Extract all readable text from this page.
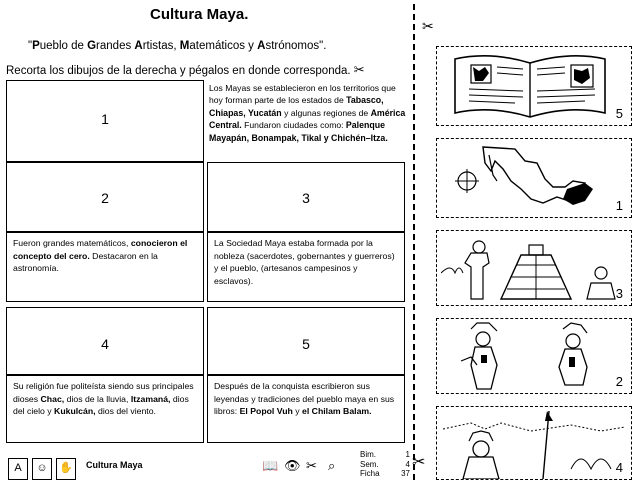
Cultura Maya.
"Pueblo de Grandes Artistas, Matemáticos y Astrónomos".
Recorta los dibujos de la derecha y pégalos en donde corresponda. ✂
1
2
Fueron grandes matemáticos, conocieron el concepto del cero. Destacaron en la astronomía.
4
Su religión fue politeísta siendo sus principales dioses Chac, dios de la lluvia, Itzamaná, dios del cielo y Kukulcán, dios del viento.
Los Mayas se establecieron en los territorios que hoy forman parte de los estados de Tabasco, Chiapas, Yucatán y algunas regiones de América Central. Fundaron ciudades como: Palenque Mayapán, Bonampak, Tikal y Chichén–Itza.
3
La Sociedad Maya estaba formada por la nobleza (sacerdotes, gobernantes y guerreros) y el pueblo, (artesanos campesinos y esclavos).
5
Después de la conquista escribieron sus leyendas y tradiciones del pueblo maya en sus libros: El Popol Vuh y el Chilam Balam.
✂
5
1
3
2
4
A	☺	✋	Cultura Maya	📖 👁 ✂ ⌕
Bim.	1
Sem.	4
Ficha	37
✂
